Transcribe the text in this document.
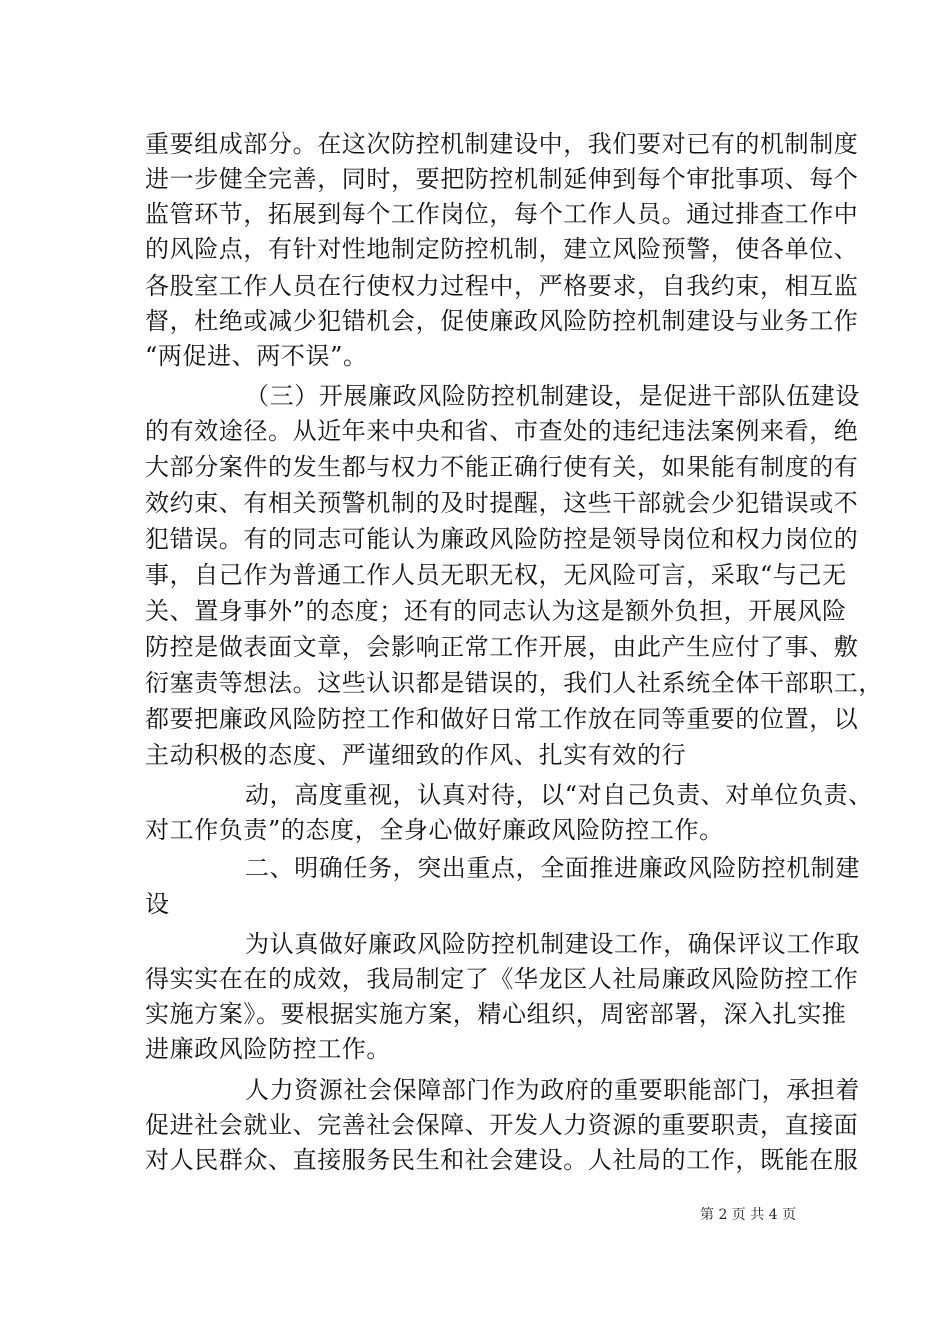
重要组成部分。在这次防控机制建设中，我们要对已有的机制制度
进一步健全完善，同时，要把防控机制延伸到每个审批事项、每个
监管环节，拓展到每个工作岗位，每个工作人员。通过排查工作中
的风险点，有针对性地制定防控机制，建立风险预警，使各单位、
各股室工作人员在行使权力过程中，严格要求，自我约束，相互监
督，杜绝或减少犯错机会，促使廉政风险防控机制建设与业务工作
“两促进、两不误”。
（三）开展廉政风险防控机制建设，是促进干部队伍建设
的有效途径。从近年来中央和省、市查处的违纪违法案例来看，绝
大部分案件的发生都与权力不能正确行使有关，如果能有制度的有
效约束、有相关预警机制的及时提醒，这些干部就会少犯错误或不
犯错误。有的同志可能认为廉政风险防控是领导岗位和权力岗位的
事，自己作为普通工作人员无职无权，无风险可言，采取“与己无
关、置身事外”的态度；还有的同志认为这是额外负担，开展风险
防控是做表面文章，会影响正常工作开展，由此产生应付了事、敷
衍塞责等想法。这些认识都是错误的，我们人社系统全体干部职工，
都要把廉政风险防控工作和做好日常工作放在同等重要的位置，以
主动积极的态度、严谨细致的作风、扎实有效的行
动，高度重视，认真对待，以“对自己负责、对单位负责、
对工作负责”的态度，全身心做好廉政风险防控工作。
二、明确任务，突出重点，全面推进廉政风险防控机制建
设
为认真做好廉政风险防控机制建设工作，确保评议工作取
得实实在在的成效，我局制定了《华龙区人社局廉政风险防控工作
实施方案》。要根据实施方案，精心组织，周密部署，深入扎实推
进廉政风险防控工作。
人力资源社会保障部门作为政府的重要职能部门，承担着
促进社会就业、完善社会保障、开发人力资源的重要职责，直接面
对人民群众、直接服务民生和社会建设。人社局的工作，既能在服
第 2 页 共 4 页
